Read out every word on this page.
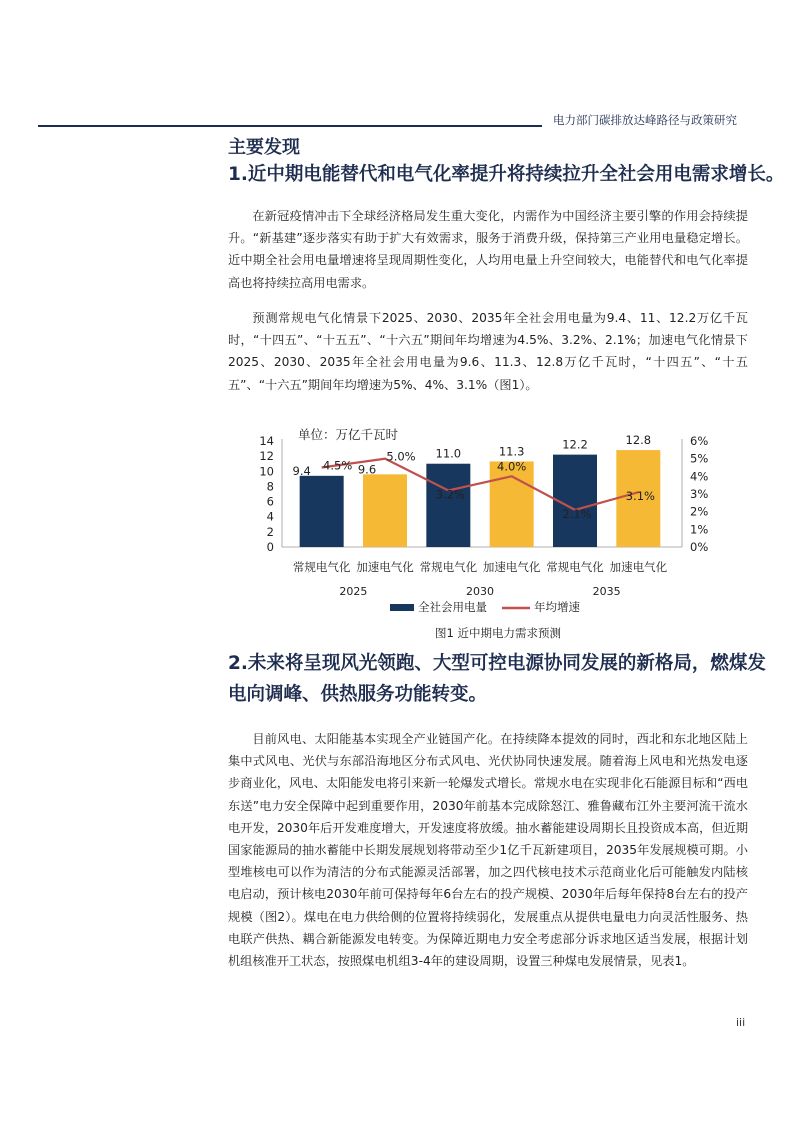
电力部门碳排放达峰路径与政策研究
主要发现
1.近中期电能替代和电气化率提升将持续拉升全社会用电需求增长。

在新冠疫情冲击下全球经济格局发生重大变化，内需作为中国经济主要引擎的作用会持续提升。“新基建”逐步落实有助于扩大有效需求，服务于消费升级，保持第三产业用电量稳定增长。近中期全社会用电量增速将呈现周期性变化，人均用电量上升空间较大，电能替代和电气化率提高也将持续拉高用电需求。

预测常规电气化情景下2025、2030、2035年全社会用电量为9.4、11、12.2万亿千瓦时，“十四五”、“十五五”、“十六五”期间年均增速为4.5%、3.2%、2.1%；加速电气化情景下2025、2030、2035年全社会用电量为9.6、11.3、12.8万亿千瓦时，“十四五”、“十五五”、“十六五”期间年均增速为5%、4%、3.1%（图1）。

0
2
4
6
8
10
12
14
0%
1%
2%
3%
4%
5%
6%
9.4	9.6
11.0	11.3	12.2	12.8
4.5%
5.0%
3.2%
4.0%
2.1%
3.1%
单位：万亿千瓦时
常规电气化 加速电气化 常规电气化 加速电气化 常规电气化 加速电气化
2025	2030	2035
全社会用电量	年均增速
图1 近中期电力需求预测
2.未来将呈现风光领跑、大型可控电源协同发展的新格局，燃煤发电向调峰、供热服务功能转变。

目前风电、太阳能基本实现全产业链国产化。在持续降本提效的同时，西北和东北地区陆上集中式风电、光伏与东部沿海地区分布式风电、光伏协同快速发展。随着海上风电和光热发电逐步商业化，风电、太阳能发电将引来新一轮爆发式增长。常规水电在实现非化石能源目标和“西电东送”电力安全保障中起到重要作用，2030年前基本完成除怒江、雅鲁藏布江外主要河流干流水电开发，2030年后开发难度增大，开发速度将放缓。抽水蓄能建设周期长且投资成本高，但近期国家能源局的抽水蓄能中长期发展规划将带动至少1亿千瓦新建项目，2035年发展规模可期。小型堆核电可以作为清洁的分布式能源灵活部署，加之四代核电技术示范商业化后可能触发内陆核电启动，预计核电2030年前可保持每年6台左右的投产规模、2030年后每年保持8台左右的投产规模（图2）。煤电在电力供给侧的位置将持续弱化，发展重点从提供电量电力向灵活性服务、热电联产供热、耦合新能源发电转变。为保障近期电力安全考虑部分诉求地区适当发展，根据计划机组核准开工状态，按照煤电机组3-4年的建设周期，设置三种煤电发展情景，见表1。

iii
